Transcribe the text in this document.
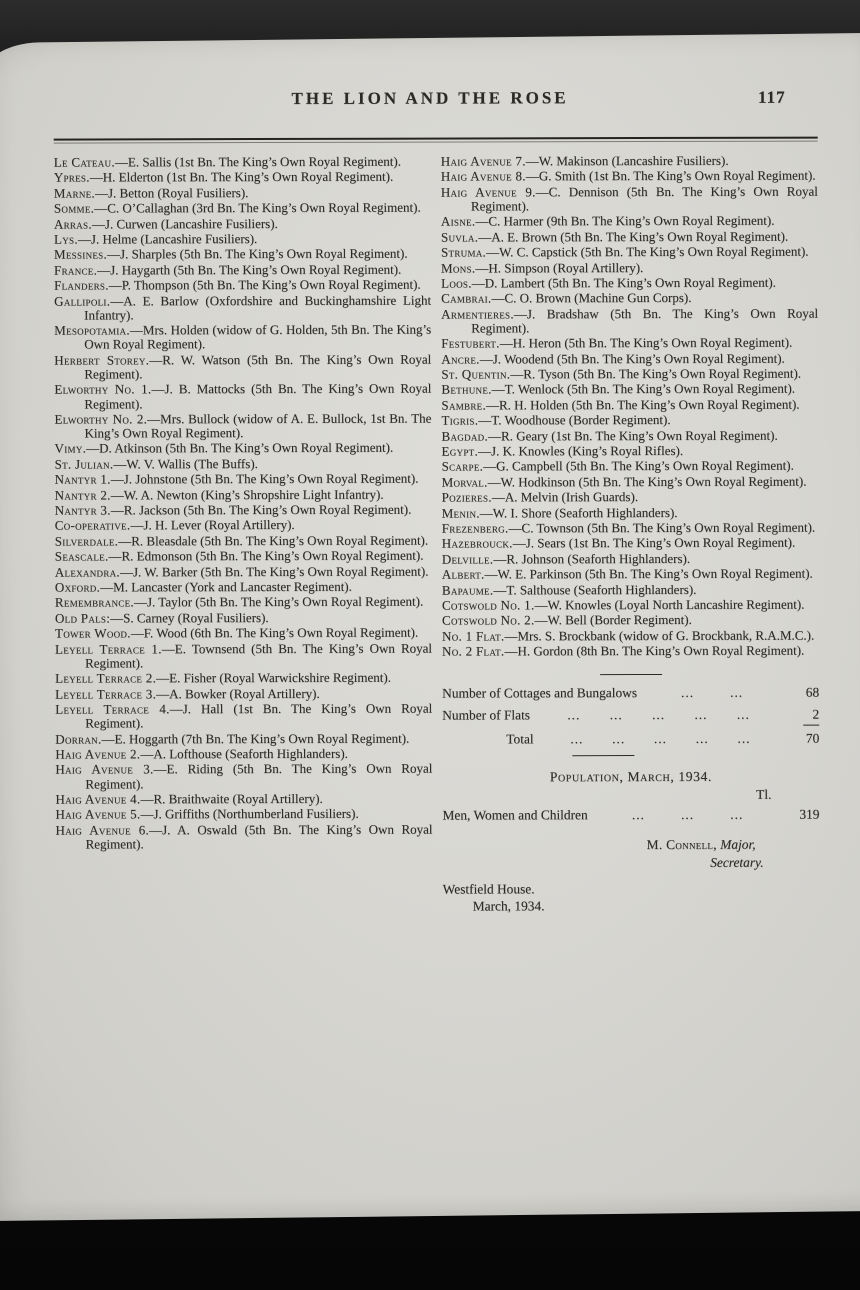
THE LION AND THE ROSE	117
Le Cateau.—E. Sallis (1st Bn. The King’s Own Royal Regiment).
Ypres.—H. Elderton (1st Bn. The King’s Own Royal Regiment).
Marne.—J. Betton (Royal Fusiliers).
Somme.—C. O’Callaghan (3rd Bn. The King’s Own Royal Regiment).
Arras.—J. Curwen (Lancashire Fusiliers).
Lys.—J. Helme (Lancashire Fusiliers).
Messines.—J. Sharples (5th Bn. The King’s Own Royal Regiment).
France.—J. Haygarth (5th Bn. The King’s Own Royal Regiment).
Flanders.—P. Thompson (5th Bn. The King’s Own Royal Regiment).
Gallipoli.—A. E. Barlow (Oxfordshire and Buckinghamshire Light Infantry).
Mesopotamia.—Mrs. Holden (widow of G. Holden, 5th Bn. The King’s Own Royal Regiment).
Herbert Storey.—R. W. Watson (5th Bn. The King’s Own Royal Regiment).
Elworthy No. 1.—J. B. Mattocks (5th Bn. The King’s Own Royal Regiment).
Elworthy No. 2.—Mrs. Bullock (widow of A. E. Bullock, 1st Bn. The King’s Own Royal Regiment).
Vimy.—D. Atkinson (5th Bn. The King’s Own Royal Regiment).
St. Julian.—W. V. Wallis (The Buffs).
Nantyr 1.—J. Johnstone (5th Bn. The King’s Own Royal Regiment).
Nantyr 2.—W. A. Newton (King’s Shropshire Light Infantry).
Nantyr 3.—R. Jackson (5th Bn. The King’s Own Royal Regiment).
Co-operative.—J. H. Lever (Royal Artillery).
Silverdale.—R. Bleasdale (5th Bn. The King’s Own Royal Regiment).
Seascale.—R. Edmonson (5th Bn. The King’s Own Royal Regiment).
Alexandra.—J. W. Barker (5th Bn. The King’s Own Royal Regiment).
Oxford.—M. Lancaster (York and Lancaster Regiment).
Remembrance.—J. Taylor (5th Bn. The King’s Own Royal Regiment).
Old Pals:—S. Carney (Royal Fusiliers).
Tower Wood.—F. Wood (6th Bn. The King’s Own Royal Regiment).
Leyell Terrace 1.—E. Townsend (5th Bn. The King’s Own Royal Regiment).
Leyell Terrace 2.—E. Fisher (Royal Warwickshire Regiment).
Leyell Terrace 3.—A. Bowker (Royal Artillery).
Leyell Terrace 4.—J. Hall (1st Bn. The King’s Own Royal Regiment).
Dorran.—E. Hoggarth (7th Bn. The King’s Own Royal Regiment).
Haig Avenue 2.—A. Lofthouse (Seaforth Highlanders).
Haig Avenue 3.—E. Riding (5th Bn. The King’s Own Royal Regiment).
Haig Avenue 4.—R. Braithwaite (Royal Artillery).
Haig Avenue 5.—J. Griffiths (Northumberland Fusiliers).
Haig Avenue 6.—J. A. Oswald (5th Bn. The King’s Own Royal Regiment).
Haig Avenue 7.—W. Makinson (Lancashire Fusiliers).
Haig Avenue 8.—G. Smith (1st Bn. The King’s Own Royal Regiment).
Haig Avenue 9.—C. Dennison (5th Bn. The King’s Own Royal Regiment).
Aisne.—C. Harmer (9th Bn. The King’s Own Royal Regiment).
Suvla.—A. E. Brown (5th Bn. The King’s Own Royal Regiment).
Struma.—W. C. Capstick (5th Bn. The King’s Own Royal Regiment).
Mons.—H. Simpson (Royal Artillery).
Loos.—D. Lambert (5th Bn. The King’s Own Royal Regiment).
Cambrai.—C. O. Brown (Machine Gun Corps).
Armentieres.—J. Bradshaw (5th Bn. The King’s Own Royal Regiment).
Festubert.—H. Heron (5th Bn. The King’s Own Royal Regiment).
Ancre.—J. Woodend (5th Bn. The King’s Own Royal Regiment).
St. Quentin.—R. Tyson (5th Bn. The King’s Own Royal Regiment).
Bethune.—T. Wenlock (5th Bn. The King’s Own Royal Regiment).
Sambre.—R. H. Holden (5th Bn. The King’s Own Royal Regiment).
Tigris.—T. Woodhouse (Border Regiment).
Bagdad.—R. Geary (1st Bn. The King’s Own Royal Regiment).
Egypt.—J. K. Knowles (King’s Royal Rifles).
Scarpe.—G. Campbell (5th Bn. The King’s Own Royal Regiment).
Morval.—W. Hodkinson (5th Bn. The King’s Own Royal Regiment).
Pozieres.—A. Melvin (Irish Guards).
Menin.—W. I. Shore (Seaforth Highlanders).
Frezenberg.—C. Townson (5th Bn. The King’s Own Royal Regiment).
Hazebrouck.—J. Sears (1st Bn. The King’s Own Royal Regiment).
Delville.—R. Johnson (Seaforth Highlanders).
Albert.—W. E. Parkinson (5th Bn. The King’s Own Royal Regiment).
Bapaume.—T. Salthouse (Seaforth Highlanders).
Cotswold No. 1.—W. Knowles (Loyal North Lancashire Regiment).
Cotswold No. 2.—W. Bell (Border Regiment).
No. 1 Flat.—Mrs. S. Brockbank (widow of G. Brockbank, R.A.M.C.).
No. 2 Flat.—H. Gordon (8th Bn. The King’s Own Royal Regiment).
Number of Cottages and Bungalows	...	...	68
Number of Flats	... ... ... ... ...	2
Total	... ... ... ... ...	70
Population, March, 1934.
Tl.
Men, Women and Children	...	...	...	319
M. Connell, Major,
Secretary.
Westfield House.
March, 1934.
